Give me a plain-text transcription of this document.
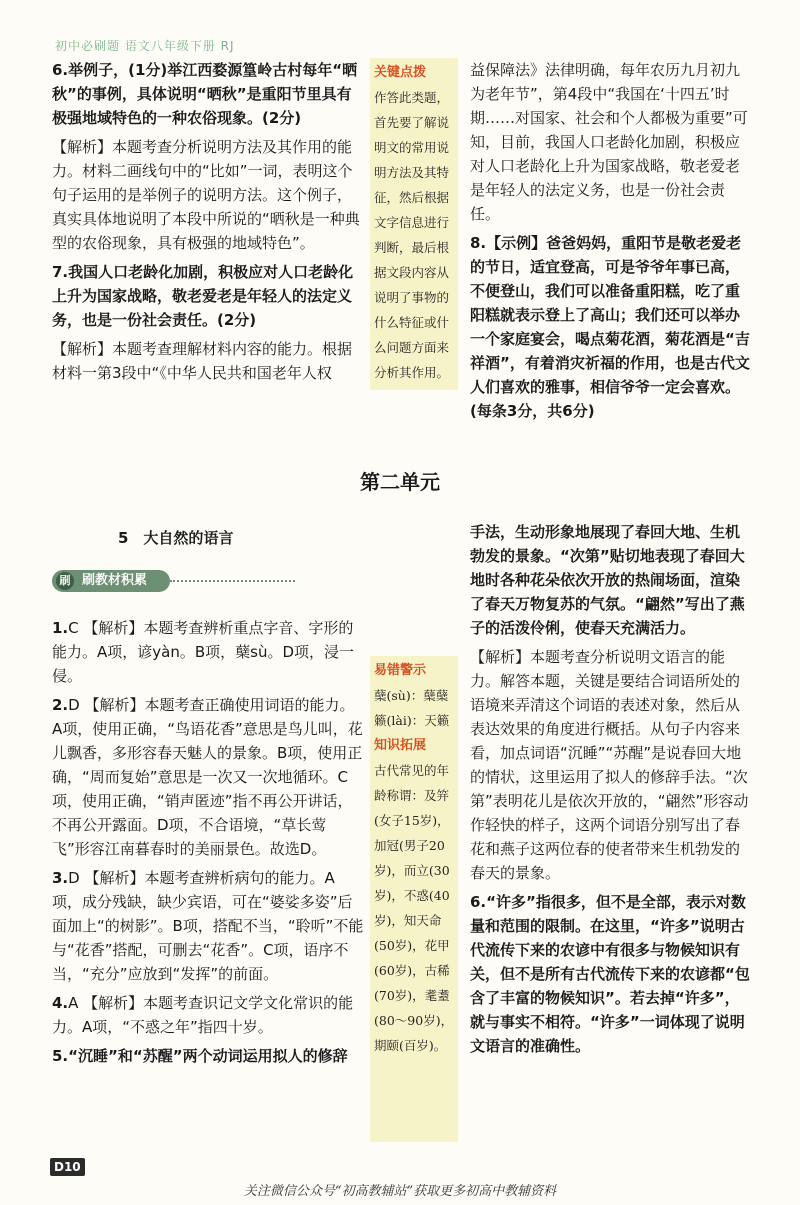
初中必刷题 语文八年级下册 RJ
6.举例子，(1分)举江西婺源篁岭古村每年“晒秋”的事例，具体说明“晒秋”是重阳节里具有极强地域特色的一种农俗现象。(2分)
【解析】本题考查分析说明方法及其作用的能力。材料二画线句中的“比如”一词，表明这个句子运用的是举例子的说明方法。这个例子，真实具体地说明了本段中所说的“晒秋是一种典型的农俗现象，具有极强的地域特色”。
7.我国人口老龄化加剧，积极应对人口老龄化上升为国家战略，敬老爱老是年轻人的法定义务，也是一份社会责任。(2分)
【解析】本题考查理解材料内容的能力。根据材料一第3段中“《中华人民共和国老年人权
关键点拨
作答此类题，首先要了解说明文的常用说明方法及其特征，然后根据文字信息进行判断，最后根据文段内容从说明了事物的什么特征或什么问题方面来分析其作用。
益保障法》法律明确，每年农历九月初九为老年节”，第4段中“我国在‘十四五’时期……对国家、社会和个人都极为重要”可知，目前，我国人口老龄化加剧，积极应对人口老龄化上升为国家战略，敬老爱老是年轻人的法定义务，也是一份社会责任。
8.【示例】爸爸妈妈，重阳节是敬老爱老的节日，适宜登高，可是爷爷年事已高，不便登山，我们可以准备重阳糕，吃了重阳糕就表示登上了高山；我们还可以举办一个家庭宴会，喝点菊花酒，菊花酒是“吉祥酒”，有着消灾祈福的作用，也是古代文人们喜欢的雅事，相信爷爷一定会喜欢。(每条3分，共6分)
第二单元
5　大自然的语言
刷 刷教材积累
1.C 【解析】本题考查辨析重点字音、字形的能力。A项，谚yàn。B项，蘖sù。D项，浸一侵。
2.D 【解析】本题考查正确使用词语的能力。A项，使用正确，“鸟语花香”意思是鸟儿叫，花儿飘香，多形容春天魅人的景象。B项，使用正确，“周而复始”意思是一次又一次地循环。C项，使用正确，“销声匿迹”指不再公开讲话，不再公开露面。D项，不合语境，“草长莺飞”形容江南暮春时的美丽景色。故选D。
3.D 【解析】本题考查辨析病句的能力。A项，成分残缺，缺少宾语，可在“婆娑多姿”后面加上“的树影”。B项，搭配不当，“聆听”不能与“花香”搭配，可删去“花香”。C项，语序不当，“充分”应放到“发挥”的前面。
4.A 【解析】本题考查识记文学文化常识的能力。A项，“不惑之年”指四十岁。
5.“沉睡”和“苏醒”两个动词运用拟人的修辞
易错警示
蘖(sù)：蘖蘖 籁(lài)：天籁
知识拓展
古代常见的年龄称谓：及笄(女子15岁)，加冠(男子20岁)，而立(30岁)，不惑(40岁)，知天命(50岁)，花甲(60岁)，古稀(70岁)，耄耋(80～90岁)，期颐(百岁)。
手法，生动形象地展现了春回大地、生机勃发的景象。“次第”贴切地表现了春回大地时各种花朵依次开放的热闹场面，渲染了春天万物复苏的气氛。“翩然”写出了燕子的活泼伶俐，使春天充满活力。
【解析】本题考查分析说明文语言的能力。解答本题，关键是要结合词语所处的语境来弄清这个词语的表述对象，然后从表达效果的角度进行概括。从句子内容来看，加点词语“沉睡”“苏醒”是说春回大地的情状，这里运用了拟人的修辞手法。“次第”表明花儿是依次开放的，“翩然”形容动作轻快的样子，这两个词语分别写出了春花和燕子这两位春的使者带来生机勃发的春天的景象。
6.“许多”指很多，但不是全部，表示对数量和范围的限制。在这里，“许多”说明古代流传下来的农谚中有很多与物候知识有关，但不是所有古代流传下来的农谚都“包含了丰富的物候知识”。若去掉“许多”，就与事实不相符。“许多”一词体现了说明文语言的准确性。
D10
关注微信公众号“初高教辅站”获取更多初高中教辅资料
